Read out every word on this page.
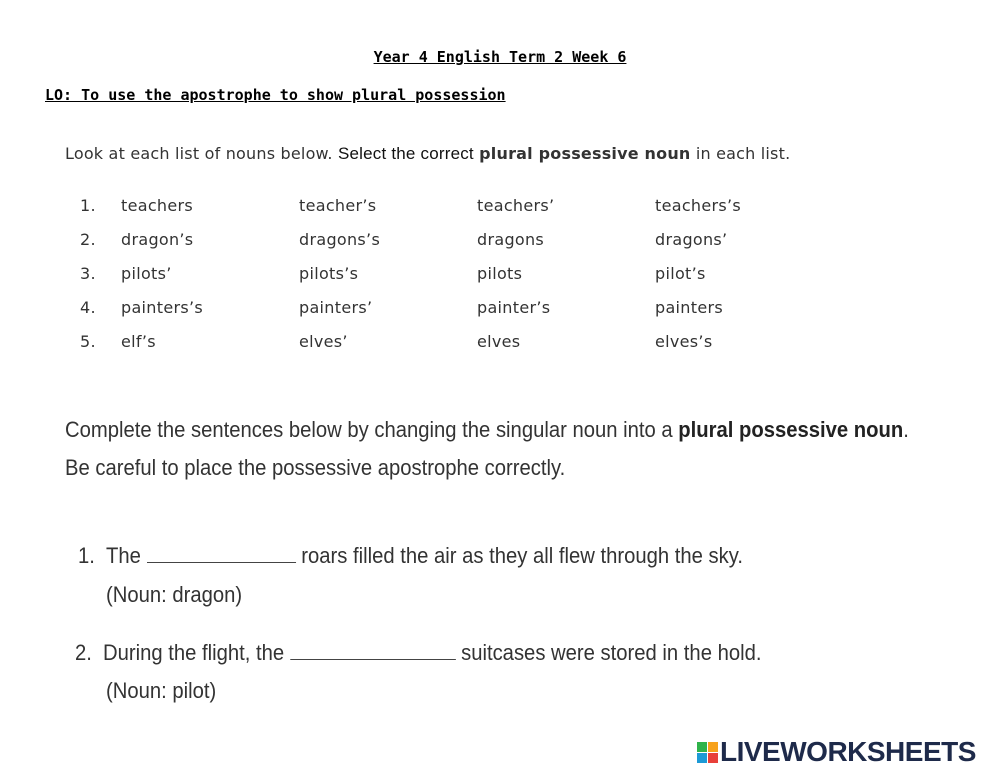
Year 4 English Term 2 Week 6
LO: To use the apostrophe to show plural possession
Look at each list of nouns below. Select the correct plural possessive noun in each list.
1. teachers	teacher’s	teachers’	teachers’s
2. dragon’s	dragons’s	dragons	dragons’
3. pilots’	pilots’s	pilots	pilot’s
4. painters’s	painters’	painter’s	painters
5. elf’s	elves’	elves	elves’s
Complete the sentences below by changing the singular noun into a plural possessive noun.
Be careful to place the possessive apostrophe correctly.
1. The	roars filled the air as they all flew through the sky.
(Noun: dragon)
2. During the flight, the	suitcases were stored in the hold.
(Noun: pilot)
LIVEWORKSHEETS
